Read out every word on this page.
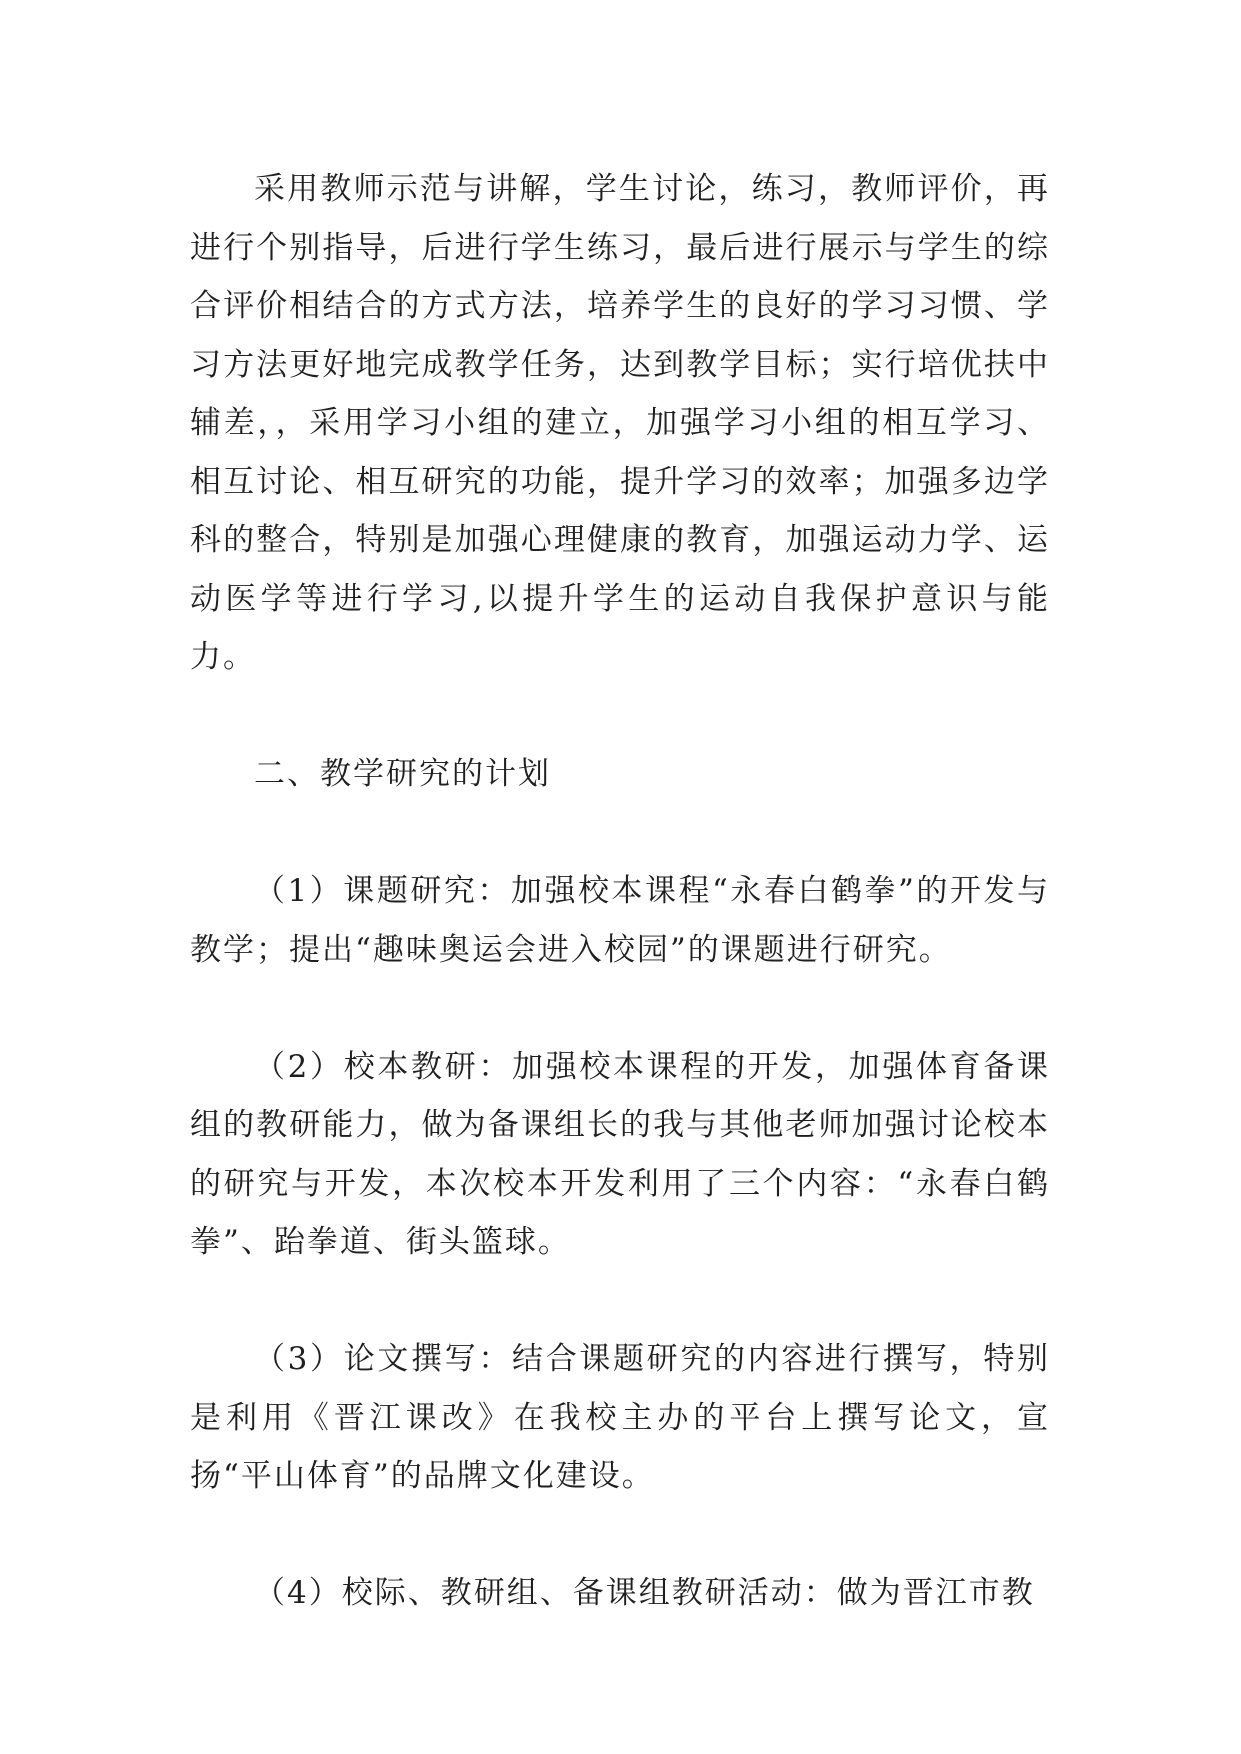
采用教师示范与讲解，学生讨论，练习，教师评价，再进行个别指导，后进行学生练习，最后进行展示与学生的综合评价相结合的方式方法，培养学生的良好的学习习惯、学习方法更好地完成教学任务，达到教学目标；实行培优扶中辅差，，采用学习小组的建立，加强学习小组的相互学习、相互讨论、相互研究的功能，提升学习的效率；加强多边学科的整合，特别是加强心理健康的教育，加强运动力学、运动医学等进行学习,以提升学生的运动自我保护意识与能力。

二、教学研究的计划

（1）课题研究：加强校本课程“永春白鹤拳”的开发与教学；提出“趣味奥运会进入校园”的课题进行研究。

（2）校本教研：加强校本课程的开发，加强体育备课组的教研能力，做为备课组长的我与其他老师加强讨论校本的研究与开发，本次校本开发利用了三个内容：“永春白鹤拳”、跆拳道、街头篮球。

（3）论文撰写：结合课题研究的内容进行撰写，特别是利用《晋江课改》在我校主办的平台上撰写论文，宣扬“平山体育”的品牌文化建设。

（4）校际、教研组、备课组教研活动：做为晋江市教
